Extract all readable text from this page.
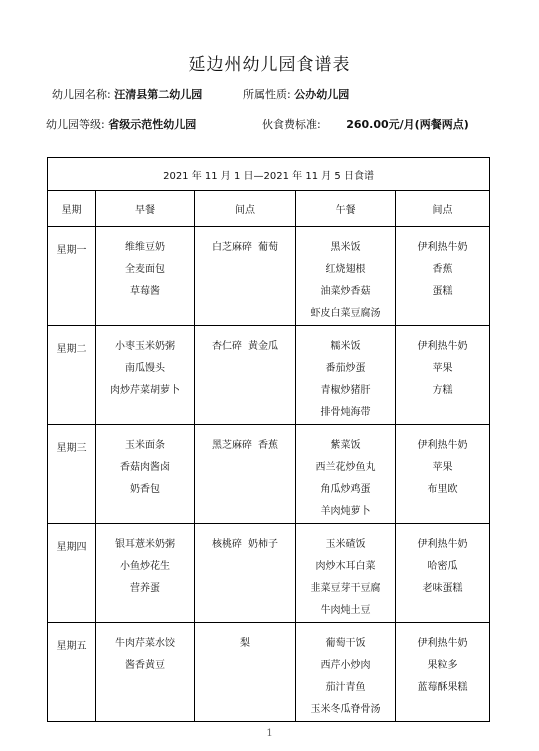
延边州幼儿园食谱表
幼儿园名称: 汪清县第二幼儿园	所属性质: 公办幼儿园
幼儿园等级: 省级示范性幼儿园	伙食费标准: 260.00元/月(两餐两点)
2021 年 11 月 1 日—2021 年 11 月 5 日食谱				
星期	早餐	间点	午餐	间点
星期一	维维豆奶
全麦面包
草莓酱	白芝麻碎 葡萄	黑米饭
红烧翅根
油菜炒香菇
虾皮白菜豆腐汤	伊利热牛奶
香蕉
蛋糕

星期二	小枣玉米奶粥
南瓜馒头
肉炒芹菜胡萝卜	杏仁碎 黄金瓜	糯米饭
番茄炒蛋
青椒炒猪肝
排骨炖海带	伊利热牛奶
苹果
方糕

星期三	玉米面条
香菇肉酱卤
奶香包	黑芝麻碎 香蕉	紫菜饭
西兰花炒鱼丸
角瓜炒鸡蛋
羊肉炖萝卜	伊利热牛奶
苹果
布里欧

星期四	银耳薏米奶粥
小鱼炒花生
营养蛋	核桃碎 奶柿子	玉米碴饭
肉炒木耳白菜
韭菜豆芽干豆腐
牛肉炖土豆	伊利热牛奶
哈密瓜
老味蛋糕

星期五	牛肉芹菜水饺
酱香黄豆	梨	葡萄干饭
西芹小炒肉
茄汁青鱼
玉米冬瓜脊骨汤	伊利热牛奶
果粒多
蓝莓酥果糕
1
